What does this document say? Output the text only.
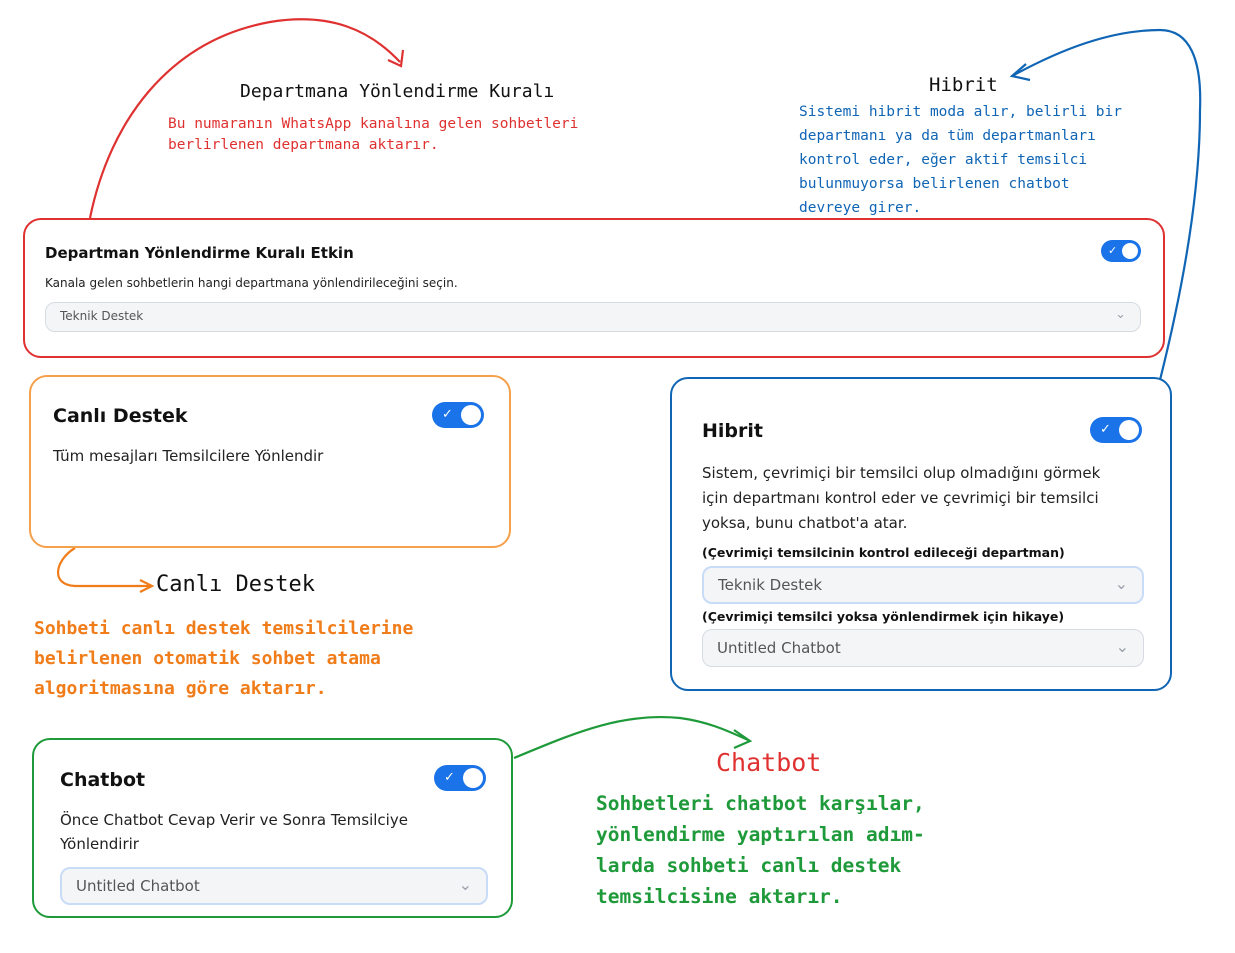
Departmana Yönlendirme Kuralı
Bu numaranın WhatsApp kanalına gelen sohbetleri
berlirlenen departmana aktarır.
Hibrit
Sistemi hibrit moda alır, belirli bir
departmanı ya da tüm departmanları
kontrol eder, eğer aktif temsilci
bulunmuyorsa belirlenen chatbot
devreye girer.
Canlı Destek
Sohbeti canlı destek temsilcilerine
belirlenen otomatik sohbet atama
algoritmasına göre aktarır.
Chatbot
Sohbetleri chatbot karşılar,
yönlendirme yaptırılan adım-
larda sohbeti canlı destek
temsilcisine aktarır.
Departman Yönlendirme Kuralı Etkin	✓
Kanala gelen sohbetlerin hangi departmana yönlendirileceğini seçin.
Teknik Destek	⌄
Canlı Destek	✓
Tüm mesajları Temsilcilere Yönlendir
Hibrit	✓
Sistem, çevrimiçi bir temsilci olup olmadığını görmek
için departmanı kontrol eder ve çevrimiçi bir temsilci
yoksa, bunu chatbot'a atar.
(Çevrimiçi temsilcinin kontrol edileceği departman)
Teknik Destek	⌄
(Çevrimiçi temsilci yoksa yönlendirmek için hikaye)
Untitled Chatbot	⌄
Chatbot	✓
Önce Chatbot Cevap Verir ve Sonra Temsilciye
Yönlendirir
Untitled Chatbot	⌄
